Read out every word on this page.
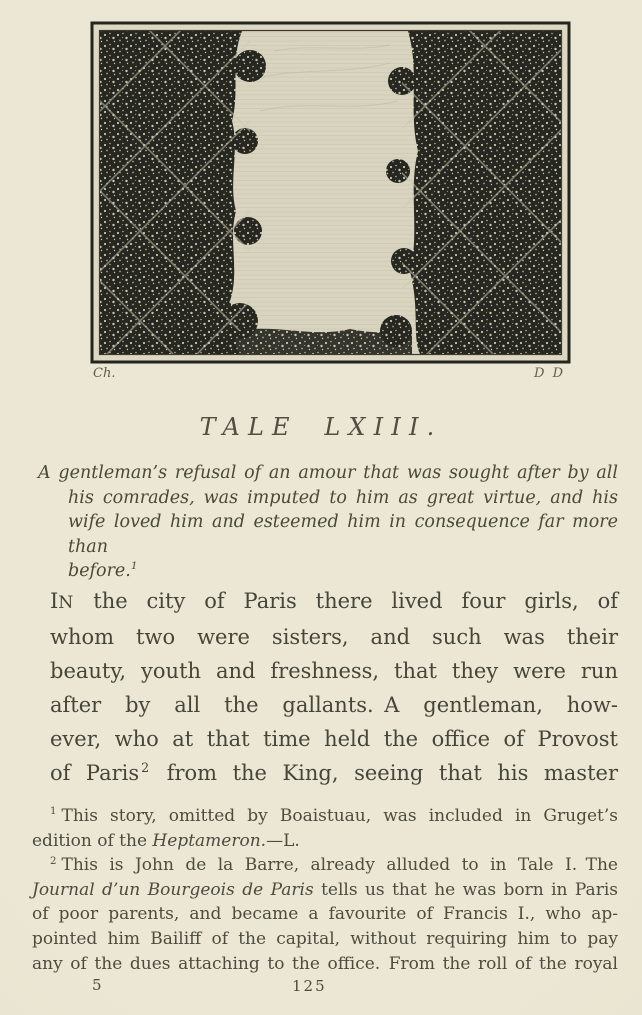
Ch.	D D
TALE LXIII.
A gentleman’s refusal of an amour that was sought after by all
his comrades, was imputed to him as great virtue, and his
wife loved him and esteemed him in consequence far more than
before.$^1$
IN the city of Paris there lived four girls, of
whom two were sisters, and such was their
beauty, youth and freshness, that they were run
after by all the gallants. A gentleman, how-
ever, who at that time held the office of Provost
of Paris $^2$ from the King, seeing that his master
$^1$ This story, omitted by Boaistuau, was included in Gruget’s
edition of the Heptameron.—L.
$^2$ This is John de la Barre, already alluded to in Tale I. The
Journal d’un Bourgeois de Paris tells us that he was born in Paris
of poor parents, and became a favourite of Francis I., who ap-
pointed him Bailiff of the capital, without requiring him to pay
any of the dues attaching to the office. From the roll of the royal
5	125
